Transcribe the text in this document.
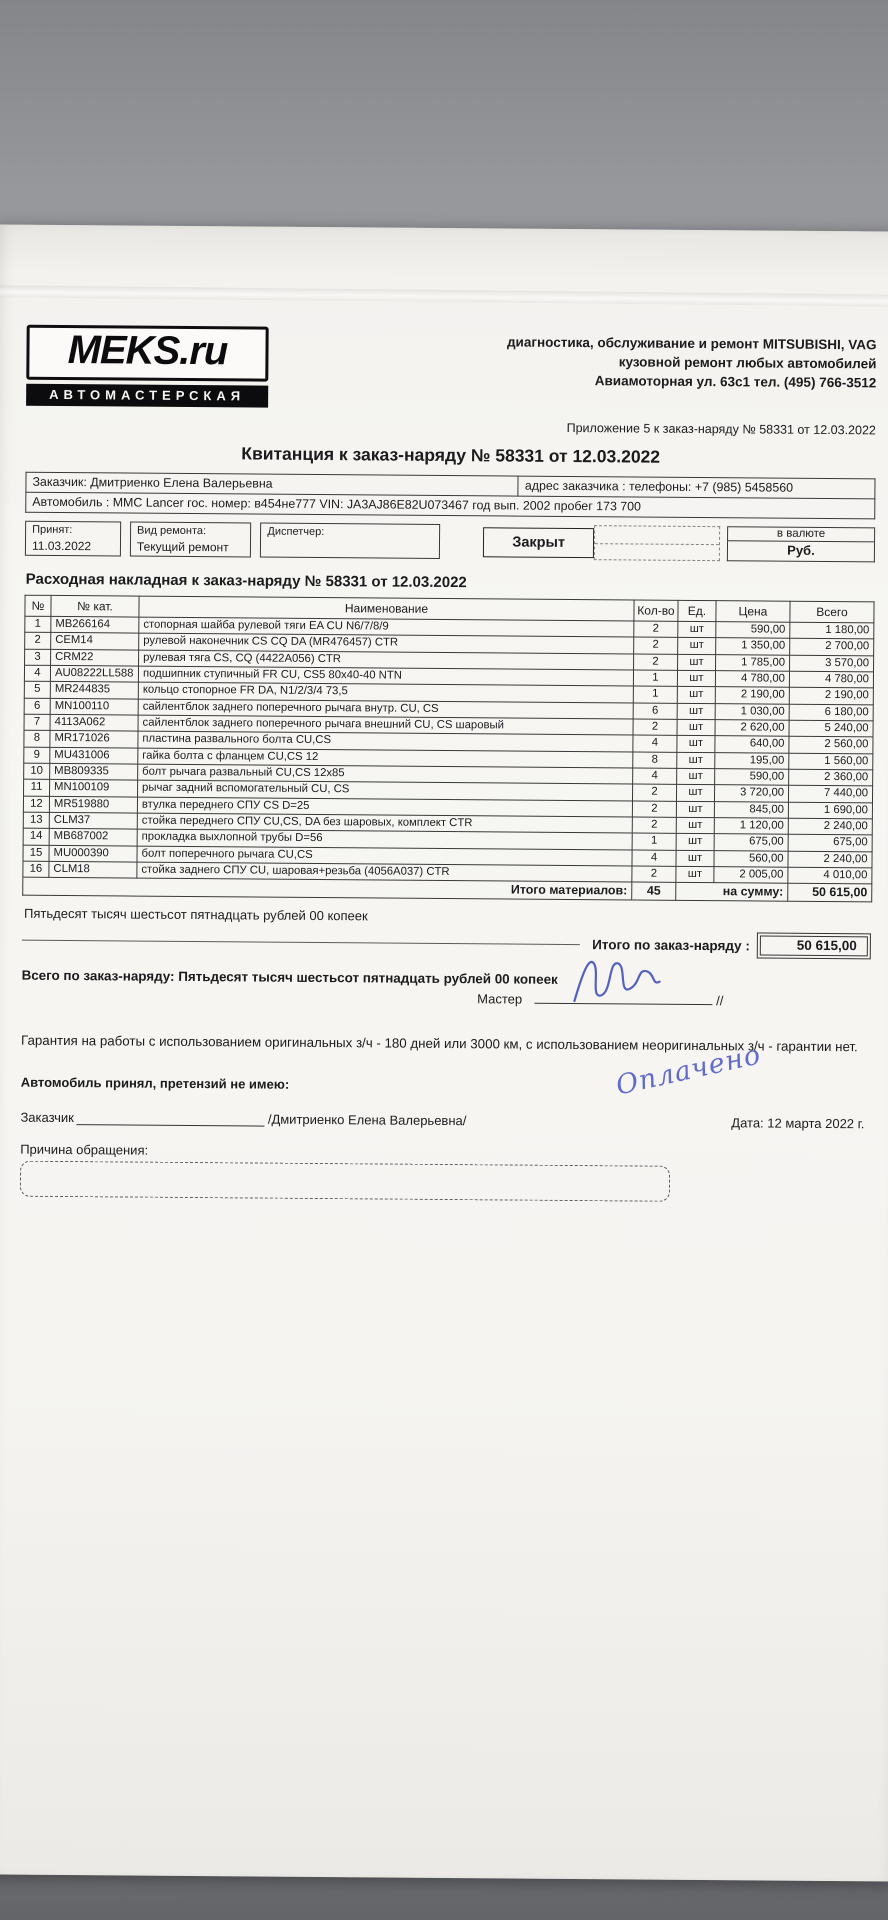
MEKS.ru
АВТОМАСТЕРСКАЯ
диагностика, обслуживание и ремонт MITSUBISHI, VAG
кузовной ремонт любых автомобилей
Авиамоторная ул. 63с1 тел. (495) 766-3512
Приложение 5 к заказ-наряду № 58331 от 12.03.2022
Квитанция к заказ-наряду № 58331 от 12.03.2022
Заказчик: Дмитриенко Елена Валерьевна	адрес заказчика : телефоны: +7 (985) 5458560
Автомобиль : MMC Lancer гос. номер: в454не777 VIN: JA3AJ86E82U073467 год вып. 2002 пробег 173 700
Принят:
11.03.2022
Вид ремонта:
Текущий ремонт
Диспетчер:
Закрыт
в валюте
Руб.
Расходная накладная к заказ-наряду № 58331 от 12.03.2022
№	№ кат.	Наименование	Кол-во	Ед.	Цена	Всего
1	MB266164	стопорная шайба рулевой тяги EA CU N6/7/8/9	2	шт	590,00	1 180,00
2	CEM14	рулевой наконечник CS CQ DA (MR476457) CTR	2	шт	1 350,00	2 700,00
3	CRM22	рулевая тяга CS, CQ (4422A056) CTR	2	шт	1 785,00	3 570,00
4	AU08222LL588	подшипник ступичный FR CU, CS5 80x40-40 NTN	1	шт	4 780,00	4 780,00
5	MR244835	кольцо стопорное FR DA, N1/2/3/4 73,5	1	шт	2 190,00	2 190,00
6	MN100110	сайлентблок заднего поперечного рычага внутр. CU, CS	6	шт	1 030,00	6 180,00
7	4113A062	сайлентблок заднего поперечного рычага внешний CU, CS шаровый	2	шт	2 620,00	5 240,00
8	MR171026	пластина развального болта CU,CS	4	шт	640,00	2 560,00
9	MU431006	гайка болта с фланцем CU,CS 12	8	шт	195,00	1 560,00
10	MB809335	болт рычага развальный CU,CS 12x85	4	шт	590,00	2 360,00
11	MN100109	рычаг задний вспомогательный CU, CS	2	шт	3 720,00	7 440,00
12	MR519880	втулка переднего СПУ CS D=25	2	шт	845,00	1 690,00
13	CLM37	стойка переднего СПУ CU,CS, DA без шаровых, комплект CTR	2	шт	1 120,00	2 240,00
14	MB687002	прокладка выхлопной трубы D=56	1	шт	675,00	675,00
15	MU000390	болт поперечного рычага CU,CS	4	шт	560,00	2 240,00
16	CLM18	стойка заднего СПУ CU, шаровая+резьба (4056A037) CTR	2	шт	2 005,00	4 010,00
Итого материалов:			45	на сумму:		50 615,00
Пятьдесят тысяч шестьсот пятнадцать рублей 00 копеек
Итого по заказ-наряду :	50 615,00
Всего по заказ-наряду: Пятьдесят тысяч шестьсот пятнадцать рублей 00 копеек
Мастер	//
Гарантия на работы с использованием оригинальных з/ч - 180 дней или 3000 км, с использованием неоригинальных з/ч - гарантии нет.
Оплачено
Автомобиль принял, претензий не имею:
Заказчик	/Дмитриенко Елена Валерьевна/	Дата: 12 марта 2022 г.
Причина обращения:
